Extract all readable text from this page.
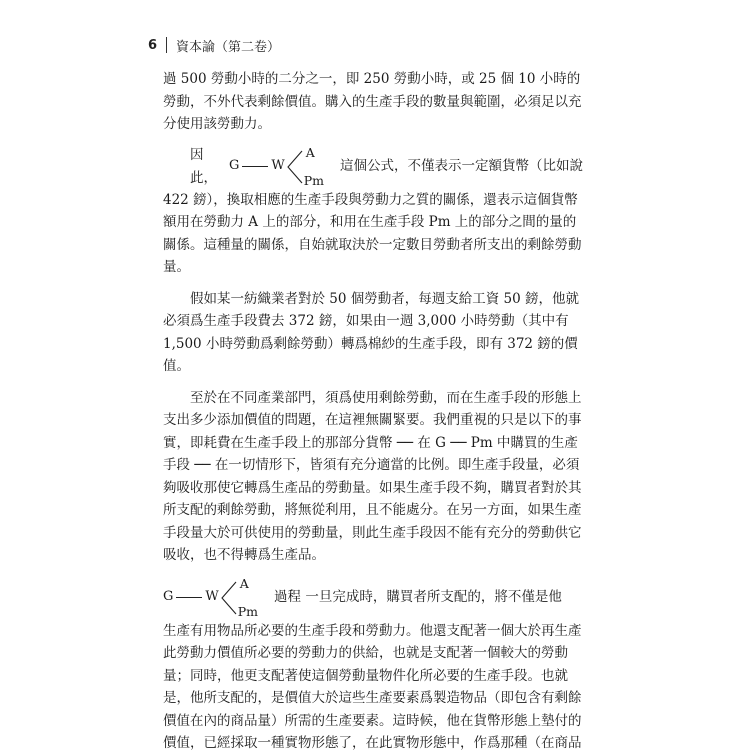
6 資本論（第二卷）

過 500 勞動小時的二分之一，即 250 勞動小時，或 25 個 10 小時的勞動，不外代表剩餘價值。購入的生產手段的數量與範圍，必須足以充分使用該勞動力。

因此，
G W
A
Pm
這個公式，不僅表示一定額貨幣（比如說

422 鎊），換取相應的生產手段與勞動力之質的關係，還表示這個貨幣額用在勞動力 A 上的部分，和用在生產手段 Pm 上的部分之間的量的關係。這種量的關係，自始就取決於一定數目勞動者所支出的剩餘勞動量。

假如某一紡織業者對於 50 個勞動者，每週支給工資 50 鎊，他就必須爲生產手段費去 372 鎊，如果由一週 3,000 小時勞動（其中有 1,500 小時勞動爲剩餘勞動）轉爲棉紗的生產手段，即有 372 鎊的價值。

至於在不同產業部門，須爲使用剩餘勞動，而在生產手段的形態上支出多少添加價值的問題，在這裡無關緊要。我們重視的只是以下的事實，即耗費在生產手段上的那部分貨幣 ── 在 G ── Pm 中購買的生產手段 ── 在一切情形下，皆須有充分適當的比例。即生產手段量，必須夠吸收那使它轉爲生產品的勞動量。如果生產手段不夠，購買者對於其所支配的剩餘勞動，將無從利用，且不能處分。在另一方面，如果生產手段量大於可供使用的勞動量，則此生產手段因不能有充分的勞動供它吸收，也不得轉爲生產品。

G W
A
Pm
過程 一旦完成時，購買者所支配的，將不僅是他

生產有用物品所必要的生產手段和勞動力。他還支配著一個大於再生產此勞動力價值所必要的勞動力的供給，也就是支配著一個較大的勞動量；同時，他更支配著使這個勞動量物件化所必要的生產手段。也就是，他所支配的，是價值大於這些生產要素爲製造物品（即包含有剩餘價值在內的商品量）所需的生產要素。這時候，他在貨幣形態上墊付的價值，已經採取一種實物形態了，在此實物形態中，作爲那種（在商品
